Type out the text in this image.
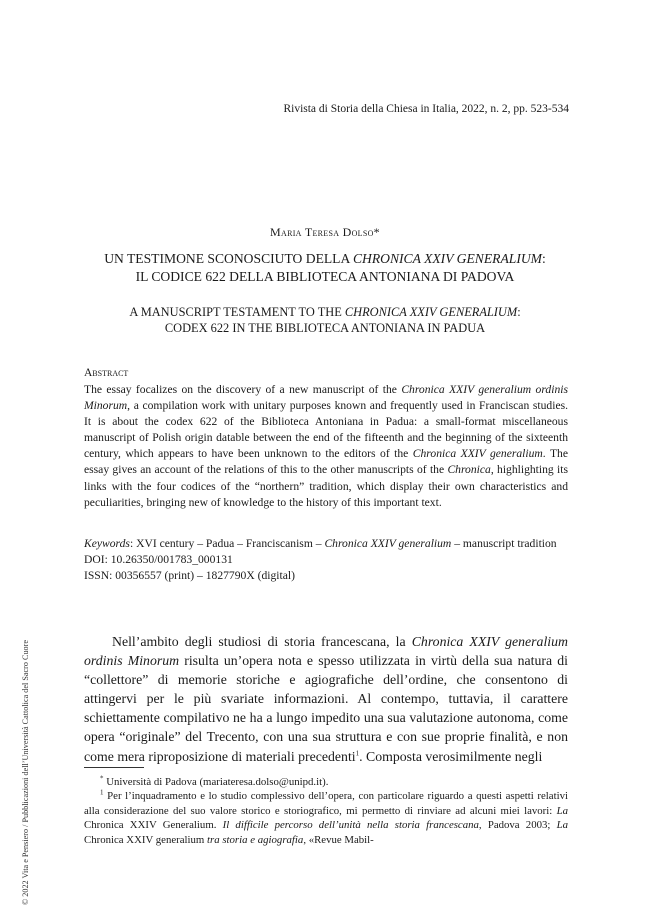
Rivista di Storia della Chiesa in Italia, 2022, n. 2, pp. 523-534
Maria Teresa Dolso*
UN TESTIMONE SCONOSCIUTO DELLA CHRONICA XXIV GENERALIUM:
IL CODICE 622 DELLA BIBLIOTECA ANTONIANA DI PADOVA
A MANUSCRIPT TESTAMENT TO THE CHRONICA XXIV GENERALIUM:
CODEX 622 IN THE BIBLIOTECA ANTONIANA IN PADUA
Abstract
The essay focalizes on the discovery of a new manuscript of the Chronica XXIV generalium ordinis Minorum, a compilation work with unitary purposes known and frequently used in Franciscan studies. It is about the codex 622 of the Biblioteca Antoniana in Padua: a small-format miscellaneous manuscript of Polish origin datable between the end of the fifteenth and the beginning of the sixteenth century, which appears to have been unknown to the editors of the Chronica XXIV generalium. The essay gives an account of the relations of this to the other manuscripts of the Chronica, highlighting its links with the four codices of the “northern” tradition, which display their own characteristics and peculiarities, bringing new of knowledge to the history of this important text.

Keywords: XVI century – Padua – Franciscanism – Chronica XXIV generalium – manuscript tradition

DOI: 10.26350/001783_000131

ISSN: 00356557 (print) – 1827790X (digital)

Nell’ambito degli studiosi di storia francescana, la Chronica XXIV generalium ordinis Minorum risulta un’opera nota e spesso utilizzata in virtù della sua natura di “collettore” di memorie storiche e agiografiche dell’ordine, che consentono di attingervi per le più svariate informazioni. Al contempo, tuttavia, il carattere schiettamente compilativo ne ha a lungo impedito una sua valutazione autonoma, come opera “originale” del Trecento, con una sua struttura e con sue proprie finalità, e non come mera riproposizione di materiali precedenti$^1$. Composta verosimilmente negli

* Università di Padova (mariateresa.dolso@unipd.it).

$^1$ Per l’inquadramento e lo studio complessivo dell’opera, con particolare riguardo a questi aspetti relativi alla considerazione del suo valore storico e storiografico, mi permetto di rinviare ad alcuni miei lavori: La Chronica XXIV Generalium. Il difficile percorso dell’unità nella storia francescana, Padova 2003; La Chronica XXIV generalium tra storia e agiografia, «Revue Mabil-

© 2022 Vita e Pensiero / Pubblicazioni dell’Università Cattolica del Sacro Cuore
